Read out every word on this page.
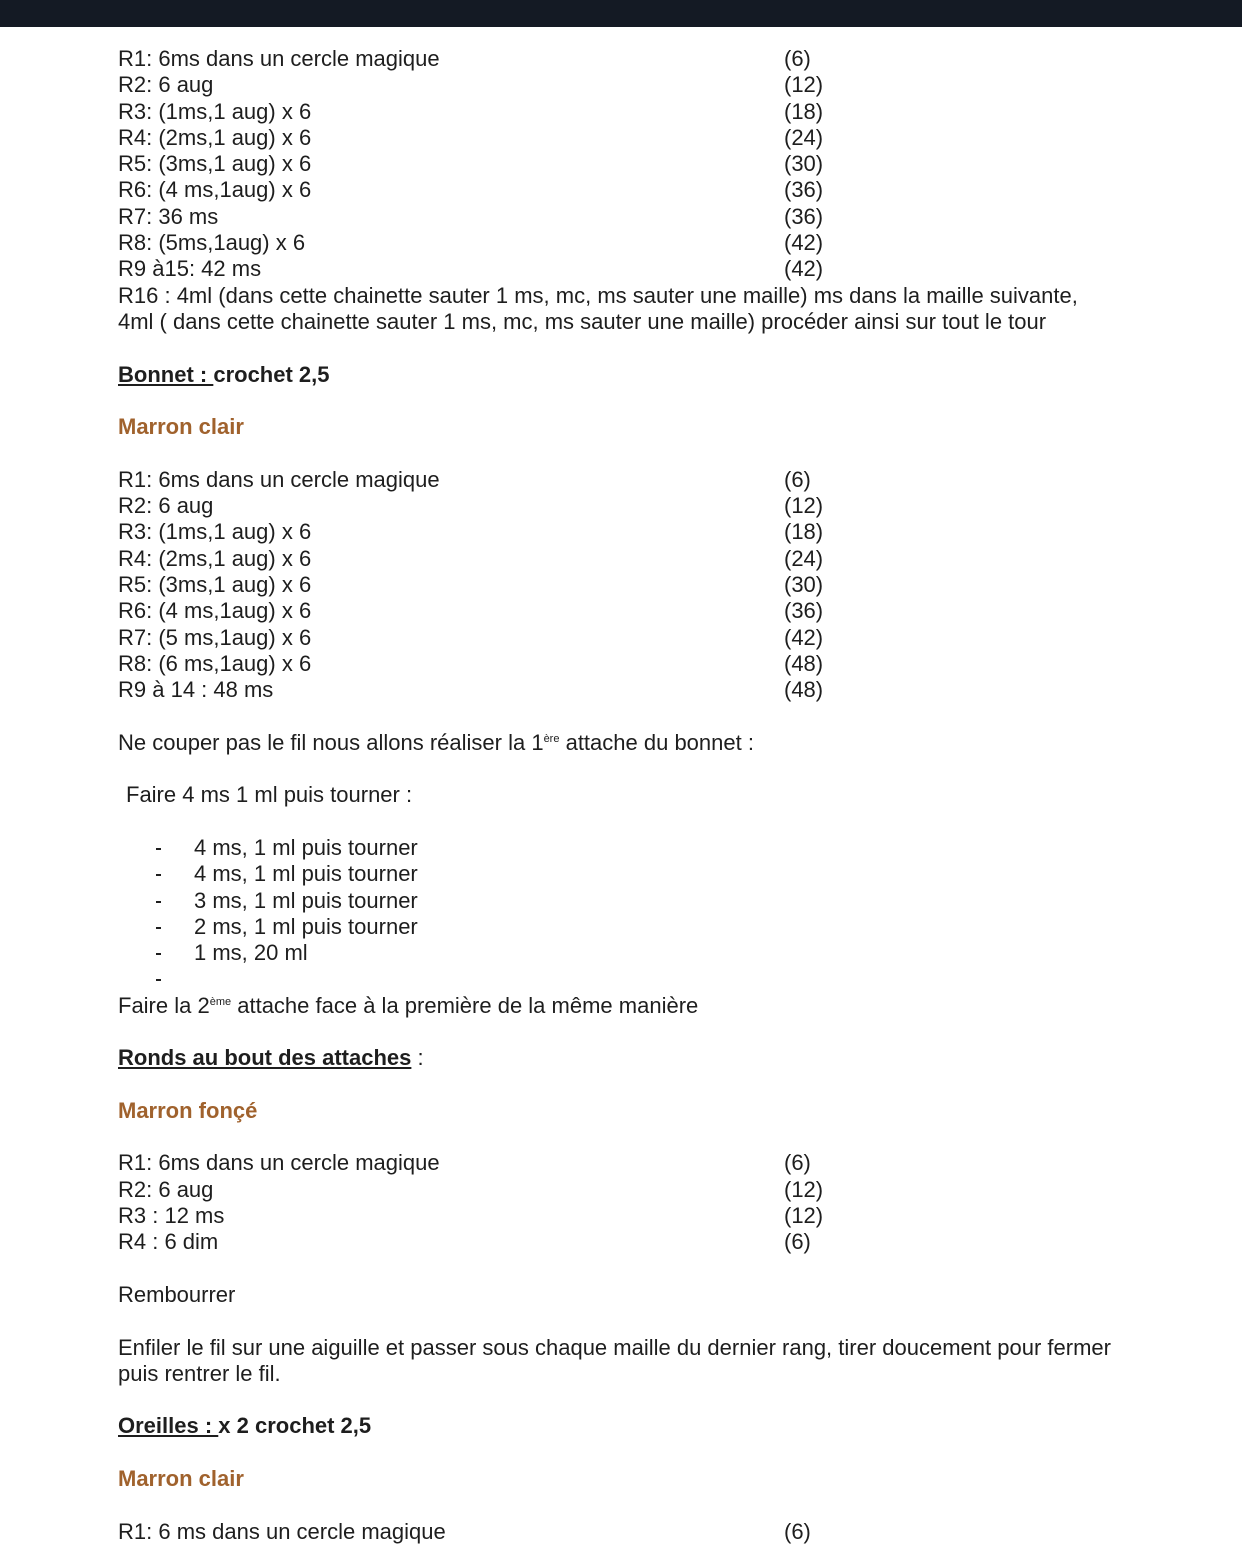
R1: 6ms dans un cercle magique	(6)
R2: 6 aug	(12)
R3: (1ms,1 aug) x 6	(18)
R4: (2ms,1 aug) x 6	(24)
R5: (3ms,1 aug) x 6	(30)
R6: (4 ms,1aug) x 6	(36)
R7: 36 ms	(36)
R8: (5ms,1aug) x 6	(42)
R9 à15: 42 ms	(42)
R16 : 4ml (dans cette chainette sauter 1 ms, mc, ms sauter une maille) ms dans la maille suivante, 4ml ( dans cette chainette sauter 1 ms, mc, ms sauter une maille) procéder ainsi sur tout le tour
Bonnet : crochet 2,5
Marron clair
R1: 6ms dans un cercle magique	(6)
R2: 6 aug	(12)
R3: (1ms,1 aug) x 6	(18)
R4: (2ms,1 aug) x 6	(24)
R5: (3ms,1 aug) x 6	(30)
R6: (4 ms,1aug) x 6	(36)
R7: (5 ms,1aug) x 6	(42)
R8: (6 ms,1aug) x 6	(48)
R9 à 14 : 48 ms	(48)
Ne couper pas le fil nous allons réaliser la 1ère attache du bonnet :
Faire 4 ms 1 ml puis tourner :
4 ms, 1 ml puis tourner
4 ms, 1 ml puis tourner
3 ms, 1 ml puis tourner
2 ms, 1 ml puis tourner
1 ms, 20 ml
Faire la 2ème attache face à la première de la même manière
Ronds au bout des attaches :
Marron fonçé
R1: 6ms dans un cercle magique	(6)
R2: 6 aug	(12)
R3 : 12 ms	(12)
R4 : 6 dim	(6)
Rembourrer
Enfiler le fil sur une aiguille et passer sous chaque maille du dernier rang, tirer doucement pour fermer puis rentrer le fil.
Oreilles : x 2 crochet 2,5
Marron clair
R1: 6 ms dans un cercle magique	(6)
